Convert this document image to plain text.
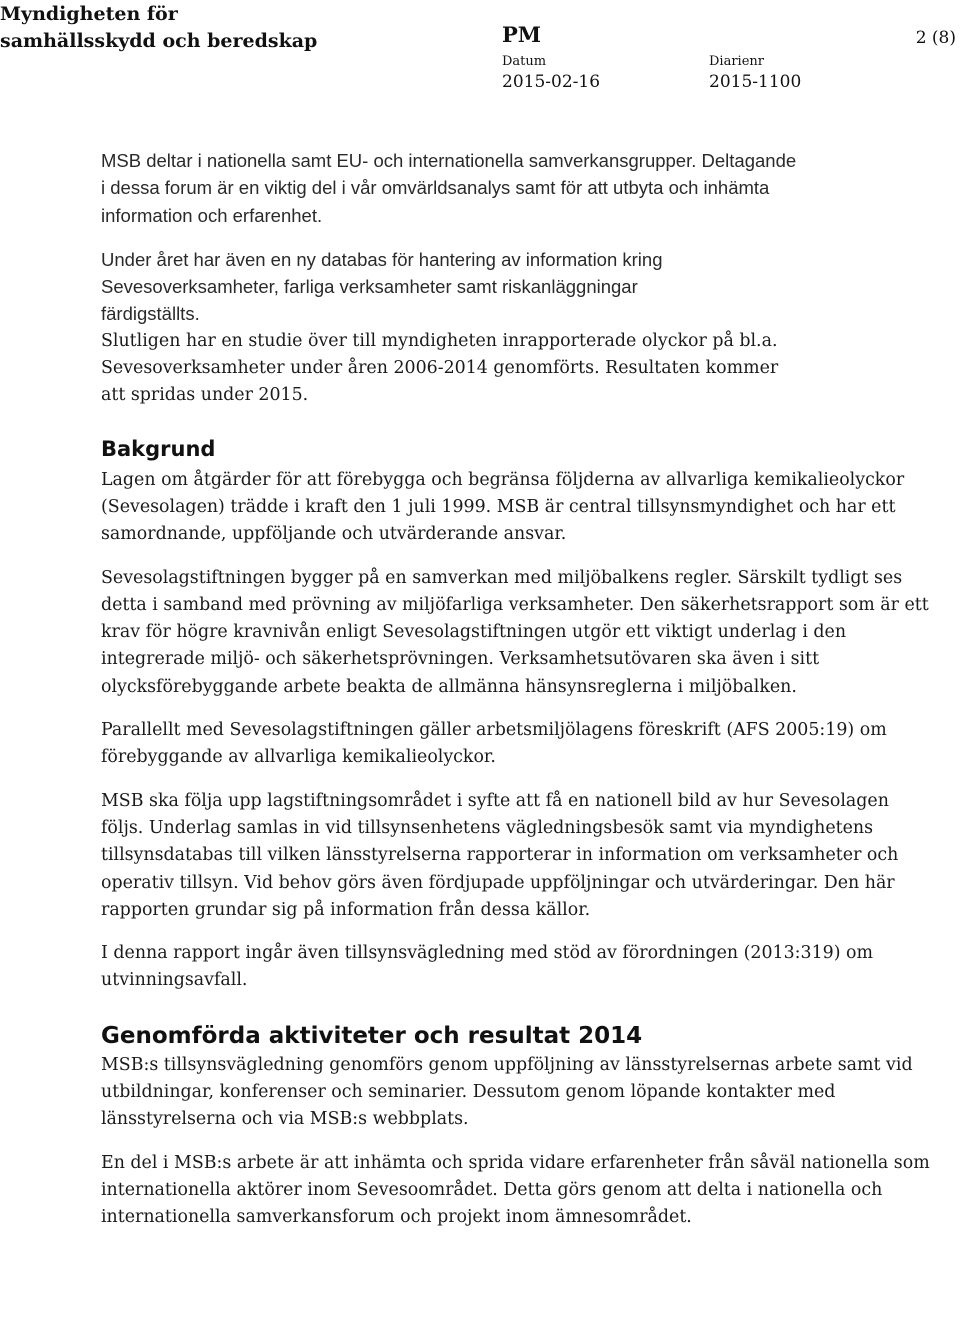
Myndigheten för
samhällsskydd och beredskap	PM	2 (8)
Datum
2015-02-16
Diarienr
2015-1100

MSB deltar i nationella samt EU- och internationella samverkansgrupper. Deltagande i dessa forum är en viktig del i vår omvärldsanalys samt för att utbyta och inhämta information och erfarenhet.

Under året har även en ny databas för hantering av information kring Sevesoverksamheter, farliga verksamheter samt riskanläggningar färdigställts.

Slutligen har en studie över till myndigheten inrapporterade olyckor på bl.a. Sevesoverksamheter under åren 2006-2014 genomförts. Resultaten kommer att spridas under 2015.

Bakgrund

Lagen om åtgärder för att förebygga och begränsa följderna av allvarliga kemikalieolyckor (Sevesolagen) trädde i kraft den 1 juli 1999. MSB är central tillsynsmyndighet och har ett samordnande, uppföljande och utvärderande ansvar.

Sevesolagstiftningen bygger på en samverkan med miljöbalkens regler. Särskilt tydligt ses detta i samband med prövning av miljöfarliga verksamheter. Den säkerhetsrapport som är ett krav för högre kravnivån enligt Sevesolagstiftningen utgör ett viktigt underlag i den integrerade miljö- och säkerhetsprövningen. Verksamhetsutövaren ska även i sitt olycksförebyggande arbete beakta de allmänna hänsynsreglerna i miljöbalken.

Parallellt med Sevesolagstiftningen gäller arbetsmiljölagens föreskrift (AFS 2005:19) om förebyggande av allvarliga kemikalieolyckor.

MSB ska följa upp lagstiftningsområdet i syfte att få en nationell bild av hur Sevesolagen följs. Underlag samlas in vid tillsynsenhetens vägledningsbesök samt via myndighetens tillsynsdatabas till vilken länsstyrelserna rapporterar in information om verksamheter och operativ tillsyn. Vid behov görs även fördjupade uppföljningar och utvärderingar. Den här rapporten grundar sig på information från dessa källor.

I denna rapport ingår även tillsynsvägledning med stöd av förordningen (2013:319) om utvinningsavfall.

Genomförda aktiviteter och resultat 2014

MSB:s tillsynsvägledning genomförs genom uppföljning av länsstyrelsernas arbete samt vid utbildningar, konferenser och seminarier. Dessutom genom löpande kontakter med länsstyrelserna och via MSB:s webbplats.

En del i MSB:s arbete är att inhämta och sprida vidare erfarenheter från såväl nationella som internationella aktörer inom Sevesoområdet. Detta görs genom att delta i nationella och internationella samverkansforum och projekt inom ämnesområdet.
